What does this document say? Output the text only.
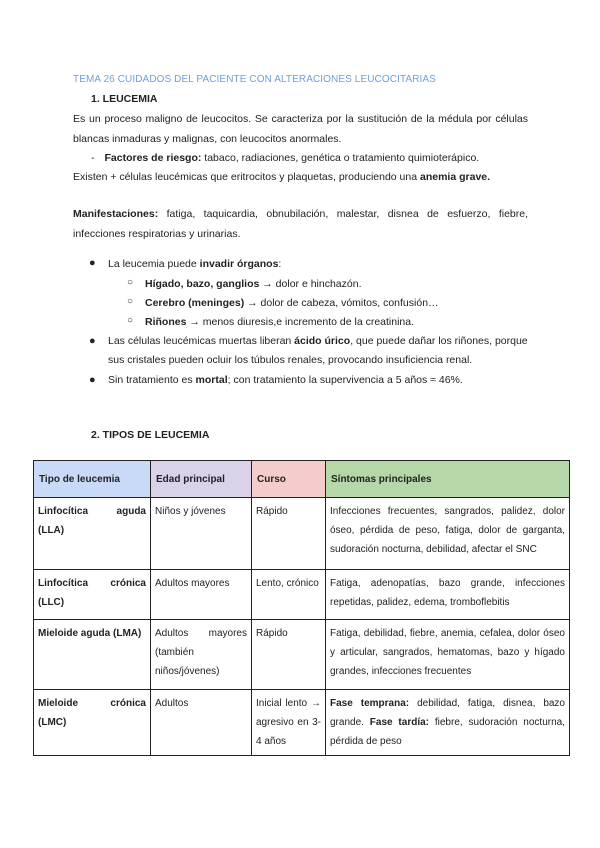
TEMA 26 CUIDADOS DEL PACIENTE CON ALTERACIONES LEUCOCITARIAS
1. LEUCEMIA
Es un proceso maligno de leucocitos. Se caracteriza por la sustitución de la médula por células blancas inmaduras y malignas, con leucocitos anormales.
- Factores de riesgo: tabaco, radiaciones, genética o tratamiento quimioterápico.
Existen + células leucémicas que eritrocitos y plaquetas, produciendo una anemia grave.
Manifestaciones: fatiga, taquicardia, obnubilación, malestar, disnea de esfuerzo, fiebre, infecciones respiratorias y urinarias.
● La leucemia puede invadir órganos:
○ Hígado, bazo, ganglios → dolor e hinchazón.
○ Cerebro (meninges) → dolor de cabeza, vómitos, confusión…
○ Riñones → menos diuresis,e incremento de la creatinina.
● Las células leucémicas muertas liberan ácido úrico, que puede dañar los riñones, porque sus cristales pueden ocluir los túbulos renales, provocando insuficiencia renal.
● Sin tratamiento es mortal; con tratamiento la supervivencia a 5 años ≈ 46%.
2. TIPOS DE LEUCEMIA
Tipo de leucemia	Edad principal	Curso	Síntomas principales

Linfocítica aguda (LLA)	Niños y jóvenes	Rápido	Infecciones frecuentes, sangrados, palidez, dolor óseo, pérdida de peso, fatiga, dolor de garganta, sudoración nocturna, debilidad, afectar el SNC

Linfocítica crónica (LLC)	Adultos mayores	Lento, crónico	Fatiga, adenopatías, bazo grande, infecciones repetidas, palidez, edema, tromboflebitis

Mieloide aguda (LMA)	Adultos mayores (también niños/jóvenes)	Rápido	Fatiga, debilidad, fiebre, anemia, cefalea, dolor óseo y articular, sangrados, hematomas, bazo y hígado grandes, infecciones frecuentes

Mieloide crónica (LMC)	Adultos	Inicial lento → agresivo en 3-4 años	Fase temprana: debilidad, fatiga, disnea, bazo grande. Fase tardía: fiebre, sudoración nocturna, pérdida de peso
